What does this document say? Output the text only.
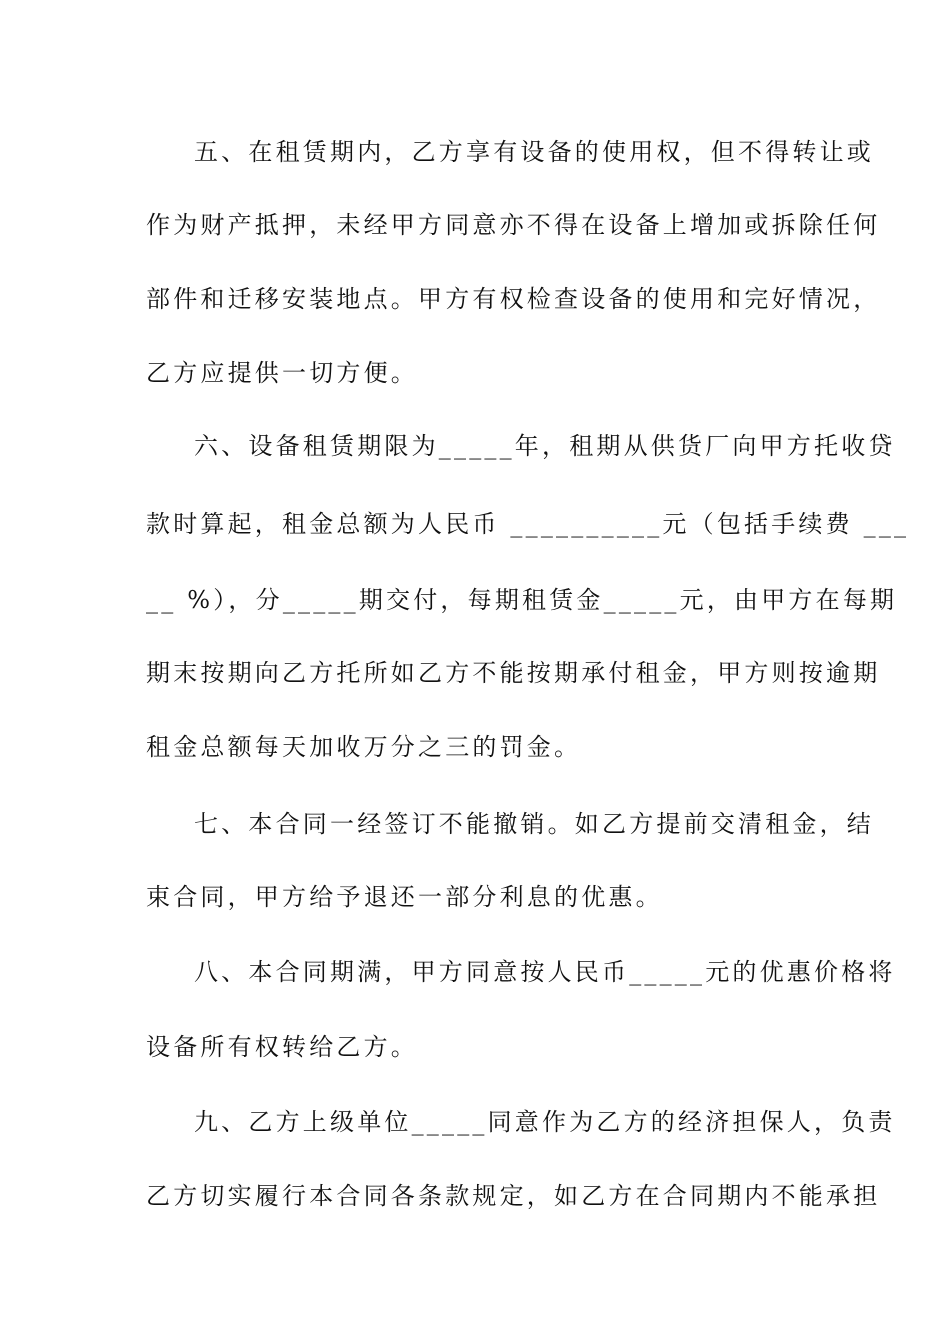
五、在租赁期内，乙方享有设备的使用权，但不得转让或
作为财产抵押，未经甲方同意亦不得在设备上增加或拆除任何
部件和迁移安装地点。甲方有权检查设备的使用和完好情况，
乙方应提供一切方便。
六、设备租赁期限为_____年，租期从供货厂向甲方托收贷
款时算起，租金总额为人民币 __________元（包括手续费 ___
__ %），分_____期交付，每期租赁金_____元，由甲方在每期
期末按期向乙方托所如乙方不能按期承付租金，甲方则按逾期
租金总额每天加收万分之三的罚金。
七、本合同一经签订不能撤销。如乙方提前交清租金，结
束合同，甲方给予退还一部分利息的优惠。
八、本合同期满，甲方同意按人民币_____元的优惠价格将
设备所有权转给乙方。
九、乙方上级单位_____同意作为乙方的经济担保人，负责
乙方切实履行本合同各条款规定，如乙方在合同期内不能承担
